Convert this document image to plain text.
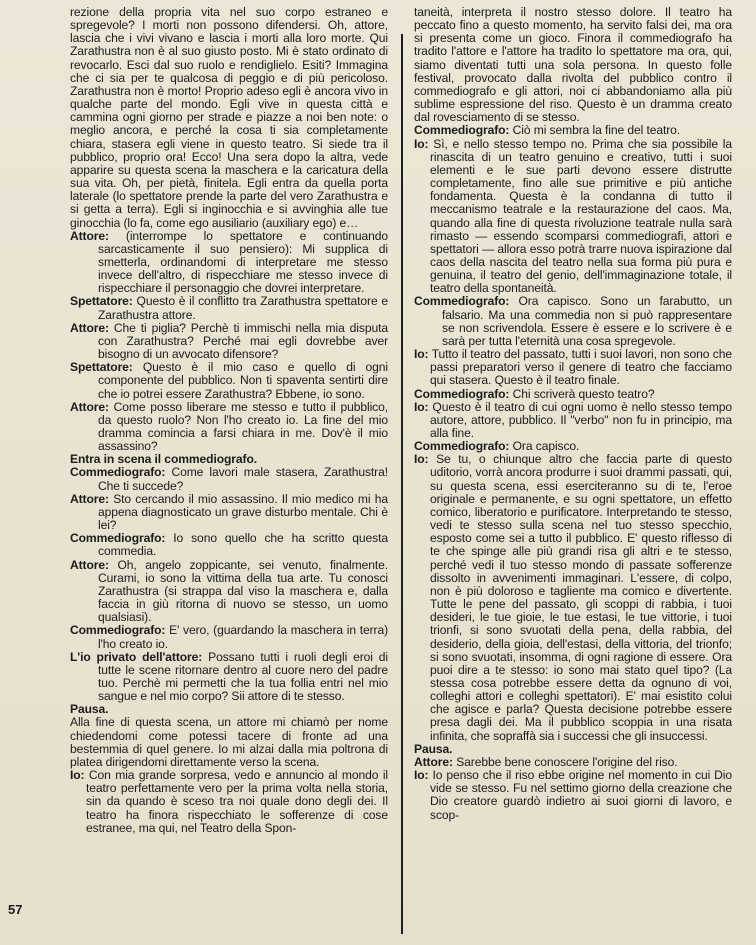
rezione della propria vita nel suo corpo estraneo e spregevole? I morti non possono difendersi. Oh, attore, lascia che i vivi vivano e lascia i morti alla loro morte. Qui Zarathustra non è al suo giusto posto. Mi è stato ordinato di revocarlo. Esci dal suo ruolo e rendiglielo. Esiti? Immagina che ci sia per te qualcosa di peggio e di più pericoloso. Zarathustra non è morto! Proprio adeso egli è ancora vivo in qualche parte del mondo. Egli vive in questa città e cammina ogni giorno per strade e piazze a noi ben note: o meglio ancora, e perché la cosa ti sia completamente chiara, stasera egli viene in questo teatro. Si siede tra il pubblico, proprio ora! Ecco! Una sera dopo la altra, vede apparire su questa scena la maschera e la caricatura della sua vita. Oh, per pietà, finitela. Egli entra da quella porta laterale (lo spettatore prende la parte del vero Zarathustra e si getta a terra). Egli si inginocchia e si avvinghia alle tue ginocchia (lo fa, come ego ausiliario (auxiliary ego) e…

Attore: (interrompe lo spettatore e continuando sarcasticamente il suo pensiero): Mi supplica di smetterla, ordinandomi di interpretare me stesso invece dell'altro, di rispecchiare me stesso invece di rispecchiare il personaggio che dovrei interpretare.

Spettatore: Questo è il conflitto tra Zarathustra spettatore e Zarathustra attore.

Attore: Che ti piglia? Perchè ti immischi nella mia disputa con Zarathustra? Perché mai egli dovrebbe aver bisogno di un avvocato difensore?

Spettatore: Questo è il mio caso e quello di ogni componente del pubblico. Non ti spaventa sentirti dire che io potrei essere Zarathustra? Ebbene, io sono.

Attore: Come posso liberare me stesso e tutto il pubblico, da questo ruolo? Non l'ho creato io. La fine del mio dramma comincia a farsi chiara in me. Dov'è il mio assassino?

Entra in scena il commediografo.

Commediografo: Come lavori male stasera, Zarathustra! Che ti succede?

Attore: Sto cercando il mio assassino. Il mio medico mi ha appena diagnosticato un grave disturbo mentale. Chi è lei?

Commediografo: Io sono quello che ha scritto questa commedia.

Attore: Oh, angelo zoppicante, sei venuto, finalmente. Curami, io sono la vittima della tua arte. Tu conosci Zarathustra (si strappa dal viso la maschera e, dalla faccia in giù ritorna di nuovo se stesso, un uomo qualsiasi).

Commediografo: E' vero, (guardando la maschera in terra) l'ho creato io.

L'io privato dell'attore: Possano tutti i ruoli degli eroi di tutte le scene ritornare dentro al cuore nero del padre tuo. Perchè mi permetti che la tua follia entri nel mio sangue e nel mio corpo? Sii attore di te stesso.

Pausa.

Alla fine di questa scena, un attore mi chiamò per nome chiedendomi come potessi tacere di fronte ad una bestemmia di quel genere. Io mi alzai dalla mia poltrona di platea dirigendomi direttamente verso la scena.

Io: Con mia grande sorpresa, vedo e annuncio al mondo il teatro perfettamente vero per la prima volta nella storia, sin da quando è sceso tra noi quale dono degli dei. Il teatro ha finora rispecchiato le sofferenze di cose estranee, ma qui, nel Teatro della Spon-

taneità, interpreta il nostro stesso dolore. Il teatro ha peccato fino a questo momento, ha servito falsi dei, ma ora si presenta come un gioco. Finora il commediografo ha tradito l'attore e l'attore ha tradito lo spettatore ma ora, qui, siamo diventati tutti una sola persona. In questo folle festival, provocato dalla rivolta del pubblico contro il commediografo e gli attori, noi ci abbandoniamo alla più sublime espressione del riso. Questo è un dramma creato dal rovesciamento di se stesso.

Commediografo: Ciò mi sembra la fine del teatro.

Io: Sì, e nello stesso tempo no. Prima che sia possibile la rinascita di un teatro genuino e creativo, tutti i suoi elementi e le sue parti devono essere distrutte completamente, fino alle sue primitive e più antiche fondamenta. Questa è la condanna di tutto il meccanismo teatrale e la restaurazione del caos. Ma, quando alla fine di questa rivoluzione teatrale nulla sarà rimasto — essendo scomparsi commediografi, attori e spettatori — allora esso potrà trarre nuova ispirazione dal caos della nascita del teatro nella sua forma più pura e genuina, il teatro del genio, dell'immaginazione totale, il teatro della spontaneità.

Commediografo: Ora capisco. Sono un farabutto, un falsario. Ma una commedia non si può rappresentare se non scrivendola. Essere è essere e lo scrivere è e sarà per tutta l'eternità una cosa spregevole.

Io: Tutto il teatro del passato, tutti i suoi lavori, non sono che passi preparatori verso il genere di teatro che facciamo qui stasera. Questo è il teatro finale.

Commediografo: Chi scriverà questo teatro?

Io: Questo è il teatro di cui ogni uomo è nello stesso tempo autore, attore, pubblico. Il "verbo" non fu in principio, ma alla fine.

Commediografo: Ora capisco.

Io: Se tu, o chiunque altro che faccia parte di questo uditorio, vorrà ancora produrre i suoi drammi passati, qui, su questa scena, essi eserciteranno su di te, l'eroe originale e permanente, e su ogni spettatore, un effetto comico, liberatorio e purificatore. Interpretando te stesso, vedi te stesso sulla scena nel tuo stesso specchio, esposto come sei a tutto il pubblico. E' questo riflesso di te che spinge alle più grandi risa gli altri e te stesso, perché vedi il tuo stesso mondo di passate sofferenze dissolto in avvenimenti immaginari. L'essere, di colpo, non è più doloroso e tagliente ma comico e divertente. Tutte le pene del passato, gli scoppi di rabbia, i tuoi desideri, le tue gioie, le tue estasi, le tue vittorie, i tuoi trionfi, si sono svuotati della pena, della rabbia, del desiderio, della gioia, dell'estasi, della vittoria, del trionfo; si sono svuotati, insomma, di ogni ragione di essere. Ora puoi dire a te stesso: io sono mai stato quel tipo? (La stessa cosa potrebbe essere detta da ognuno di voi, colleghi attori e colleghi spettatori). E' mai esistito colui che agisce e parla? Questa decisione potrebbe essere presa dagli dei. Ma il pubblico scoppia in una risata infinita, che sopraffà sia i successi che gli insuccessi.

Pausa.

Attore: Sarebbe bene conoscere l'origine del riso.

Io: Io penso che il riso ebbe origine nel momento in cui Dio vide se stesso. Fu nel settimo giorno della creazione che Dio creatore guardò indietro ai suoi giorni di lavoro, e scop-

57
